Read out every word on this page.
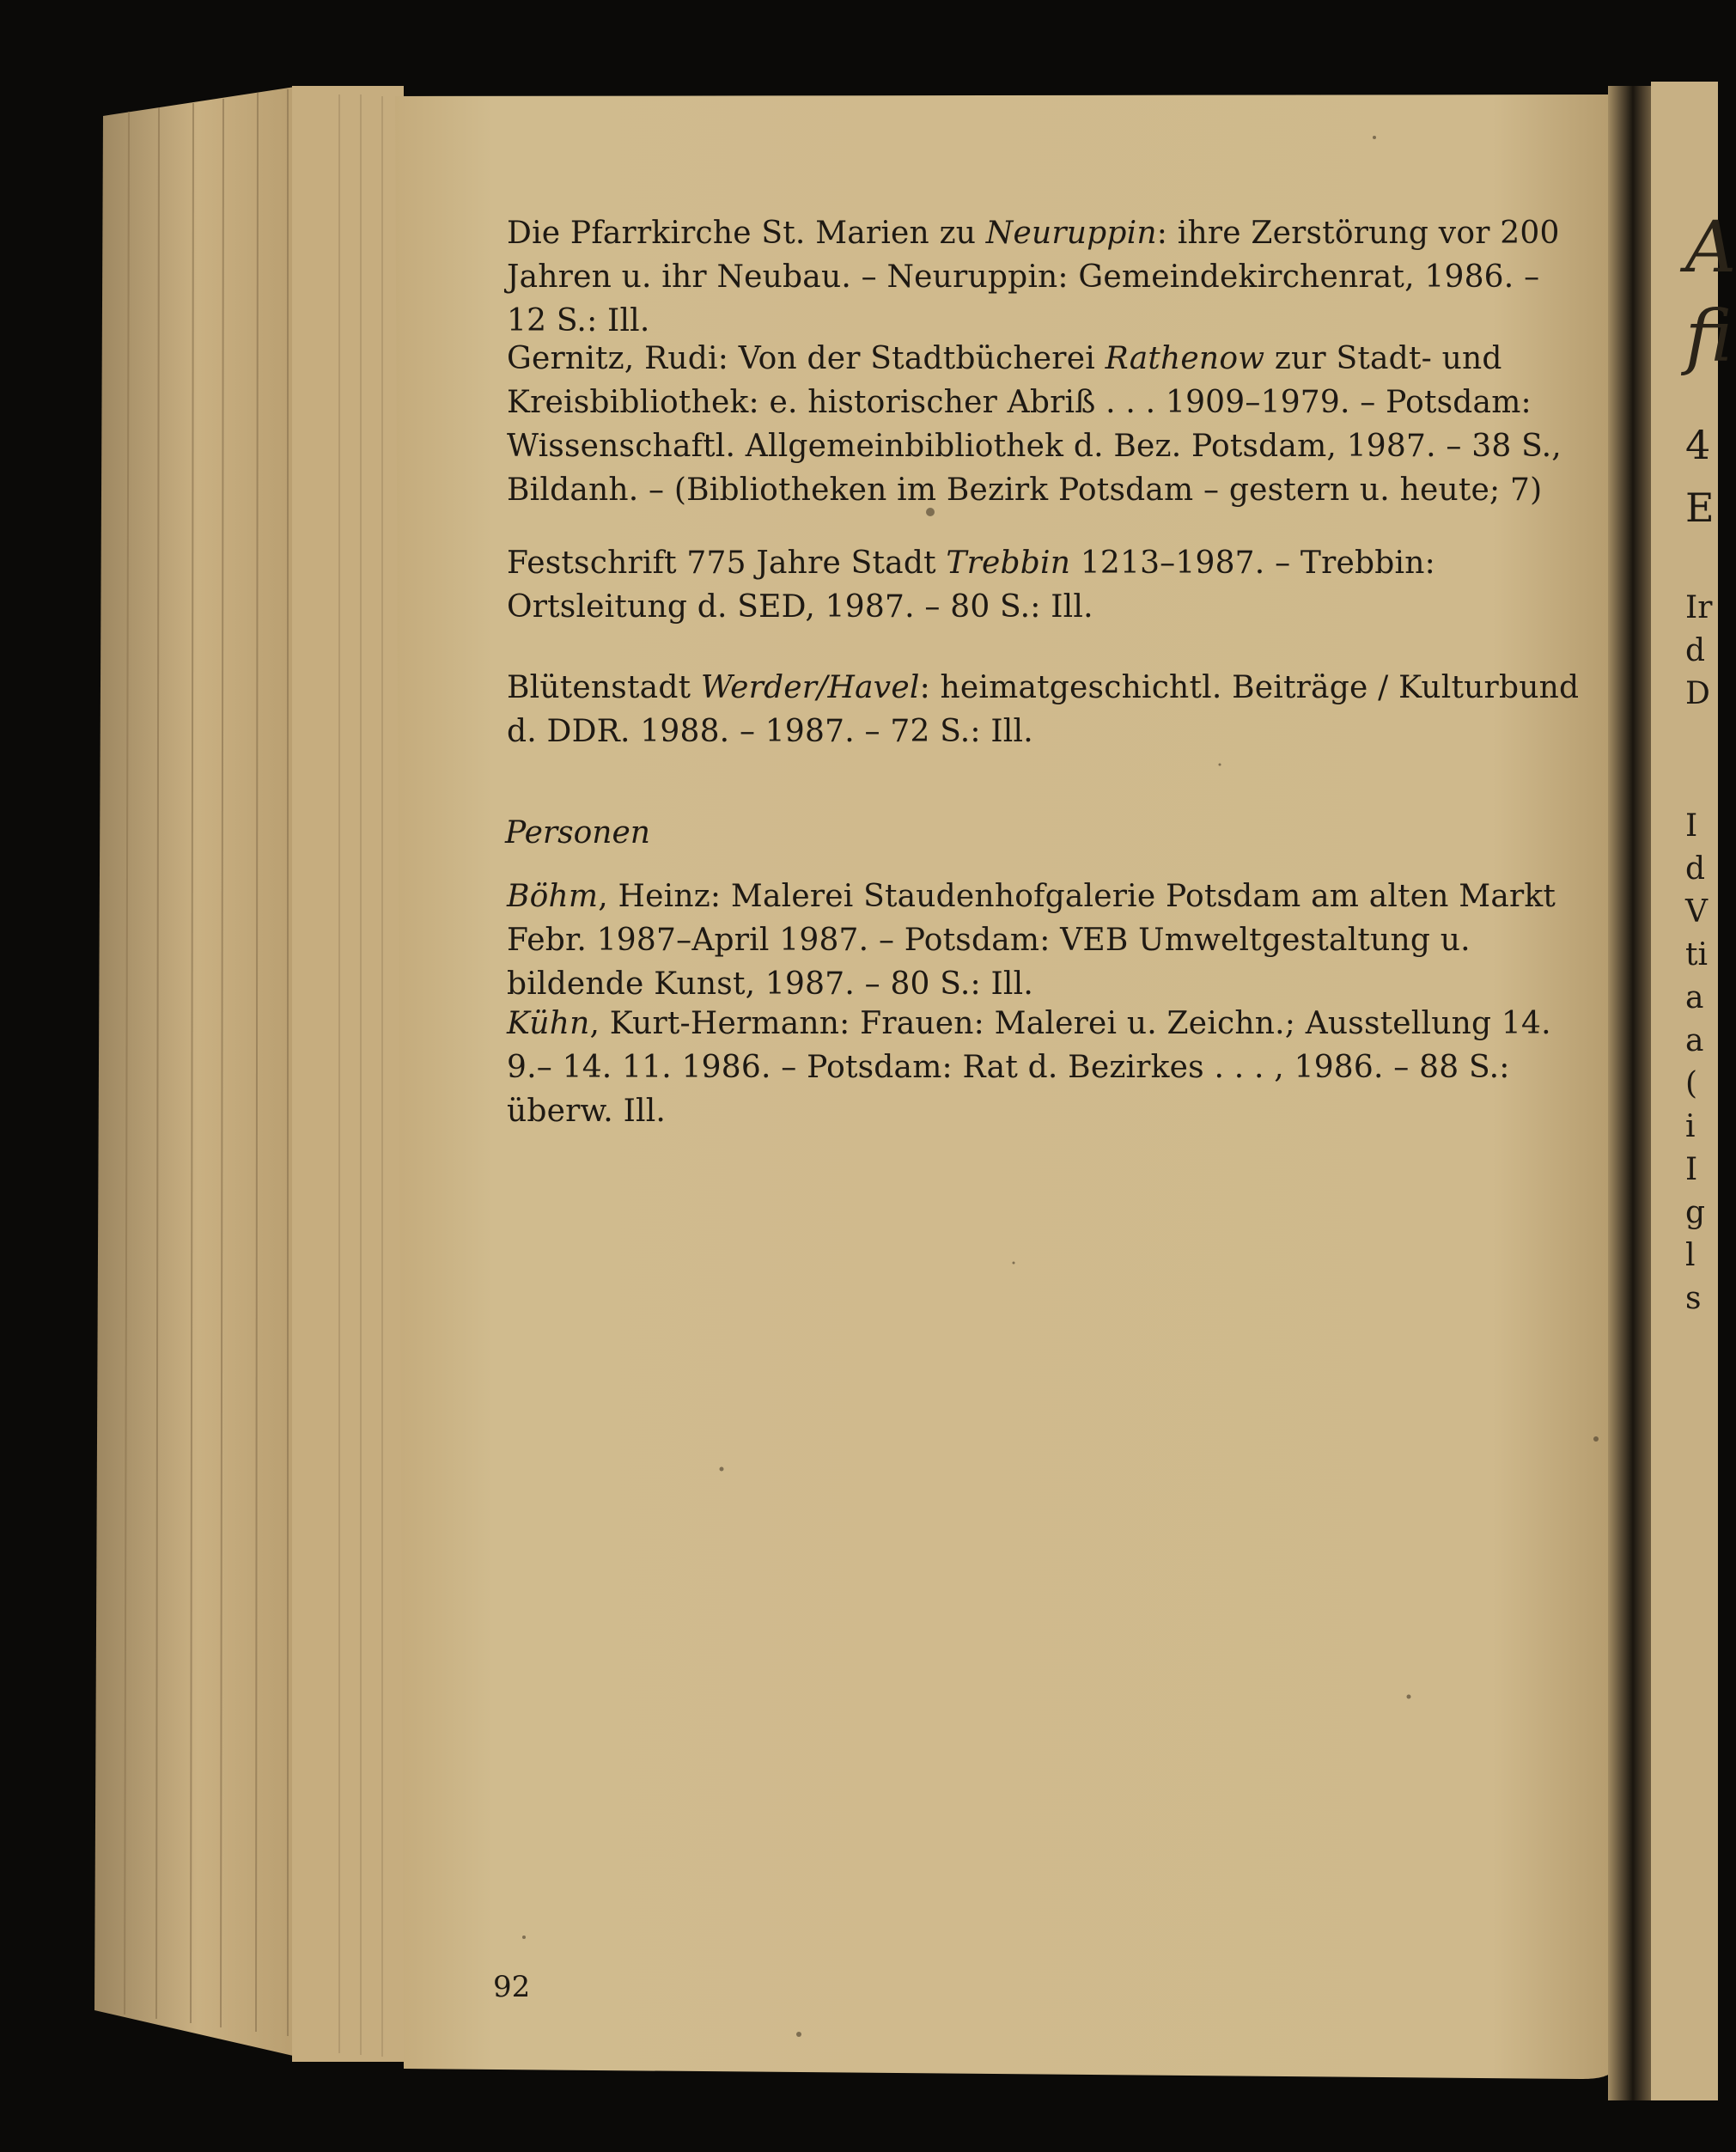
Die Pfarrkirche St. Marien zu Neuruppin: ihre Zerstörung vor 200 Jahren u. ihr Neubau. – Neuruppin: Gemeindekirchenrat, 1986. – 12 S.: Ill.
Gernitz, Rudi: Von der Stadtbücherei Rathenow zur Stadt- und Kreisbibliothek: e. historischer Abriß . . . 1909–1979. – Potsdam: Wissenschaftl. Allgemeinbibliothek d. Bez. Potsdam, 1987. – 38 S., Bildanh. – (Bibliotheken im Bezirk Potsdam – gestern u. heute; 7)
Festschrift 775 Jahre Stadt Trebbin 1213–1987. – Trebbin: Ortsleitung d. SED, 1987. – 80 S.: Ill.
Blütenstadt Werder/Havel: heimatgeschichtl. Beiträge / Kulturbund d. DDR. 1988. – 1987. – 72 S.: Ill.
Personen
Böhm, Heinz: Malerei Staudenhofgalerie Potsdam am alten Markt Febr. 1987–April 1987. – Potsdam: VEB Umweltgestaltung u. bildende Kunst, 1987. – 80 S.: Ill.
Kühn, Kurt-Hermann: Frauen: Malerei u. Zeichn.; Ausstellung 14. 9.– 14. 11. 1986. – Potsdam: Rat d. Bezirkes . . . , 1986. – 88 S.: überw. Ill.
92
A
fi
4
E
Ir
d
D
I
d
V
ti
a
a
(
i
I
g
l
s
